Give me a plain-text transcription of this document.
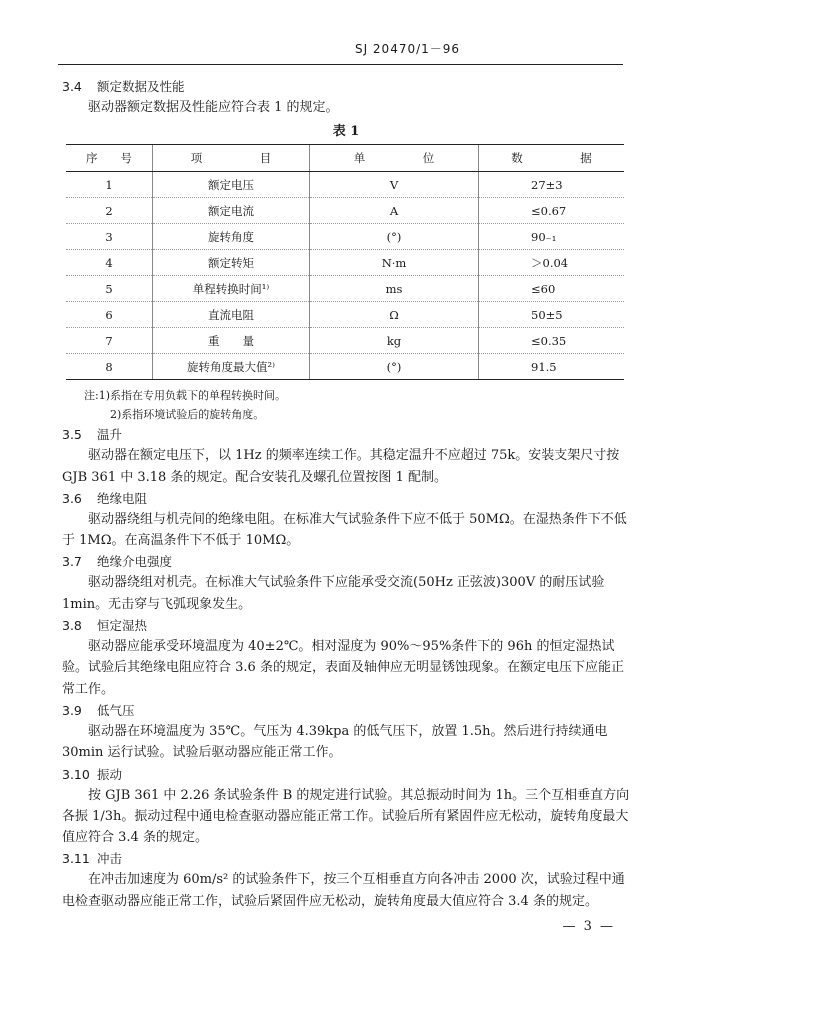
SJ 20470/1－96
3.4 额定数据及性能
驱动器额定数据及性能应符合表 1 的规定。
表 1
序　　号	项　　　　　目	单　　　　　位	数　　　　　据
1	额定电压	V	27±3
2	额定电流	A	≤0.67
3	旋转角度	(°)	90₋₁
4	额定转矩	N·m	＞0.04
5	单程转换时间¹⁾	ms	≤60
6	直流电阻	Ω	50±5
7	重　　量	kg	≤0.35
8	旋转角度最大值²⁾	(°)	91.5
注:1)系指在专用负载下的单程转换时间。
2)系指环境试验后的旋转角度。
3.5 温升
驱动器在额定电压下，以 1Hz 的频率连续工作。其稳定温升不应超过 75k。安装支架尺寸按 GJB 361 中 3.18 条的规定。配合安装孔及螺孔位置按图 1 配制。
3.6 绝缘电阻
驱动器绕组与机壳间的绝缘电阻。在标准大气试验条件下应不低于 50MΩ。在湿热条件下不低于 1MΩ。在高温条件下不低于 10MΩ。
3.7 绝缘介电强度
驱动器绕组对机壳。在标准大气试验条件下应能承受交流(50Hz 正弦波)300V 的耐压试验 1min。无击穿与飞弧现象发生。
3.8 恒定湿热
驱动器应能承受环境温度为 40±2℃。相对湿度为 90%～95%条件下的 96h 的恒定湿热试验。试验后其绝缘电阻应符合 3.6 条的规定，表面及轴伸应无明显锈蚀现象。在额定电压下应能正常工作。
3.9 低气压
驱动器在环境温度为 35℃。气压为 4.39kpa 的低气压下，放置 1.5h。然后进行持续通电 30min 运行试验。试验后驱动器应能正常工作。
3.10 振动
按 GJB 361 中 2.26 条试验条件 B 的规定进行试验。其总振动时间为 1h。三个互相垂直方向各振 1/3h。振动过程中通电检查驱动器应能正常工作。试验后所有紧固件应无松动，旋转角度最大值应符合 3.4 条的规定。
3.11 冲击
在冲击加速度为 60m/s² 的试验条件下，按三个互相垂直方向各冲击 2000 次，试验过程中通电检查驱动器应能正常工作，试验后紧固件应无松动，旋转角度最大值应符合 3.4 条的规定。
— 3 —
